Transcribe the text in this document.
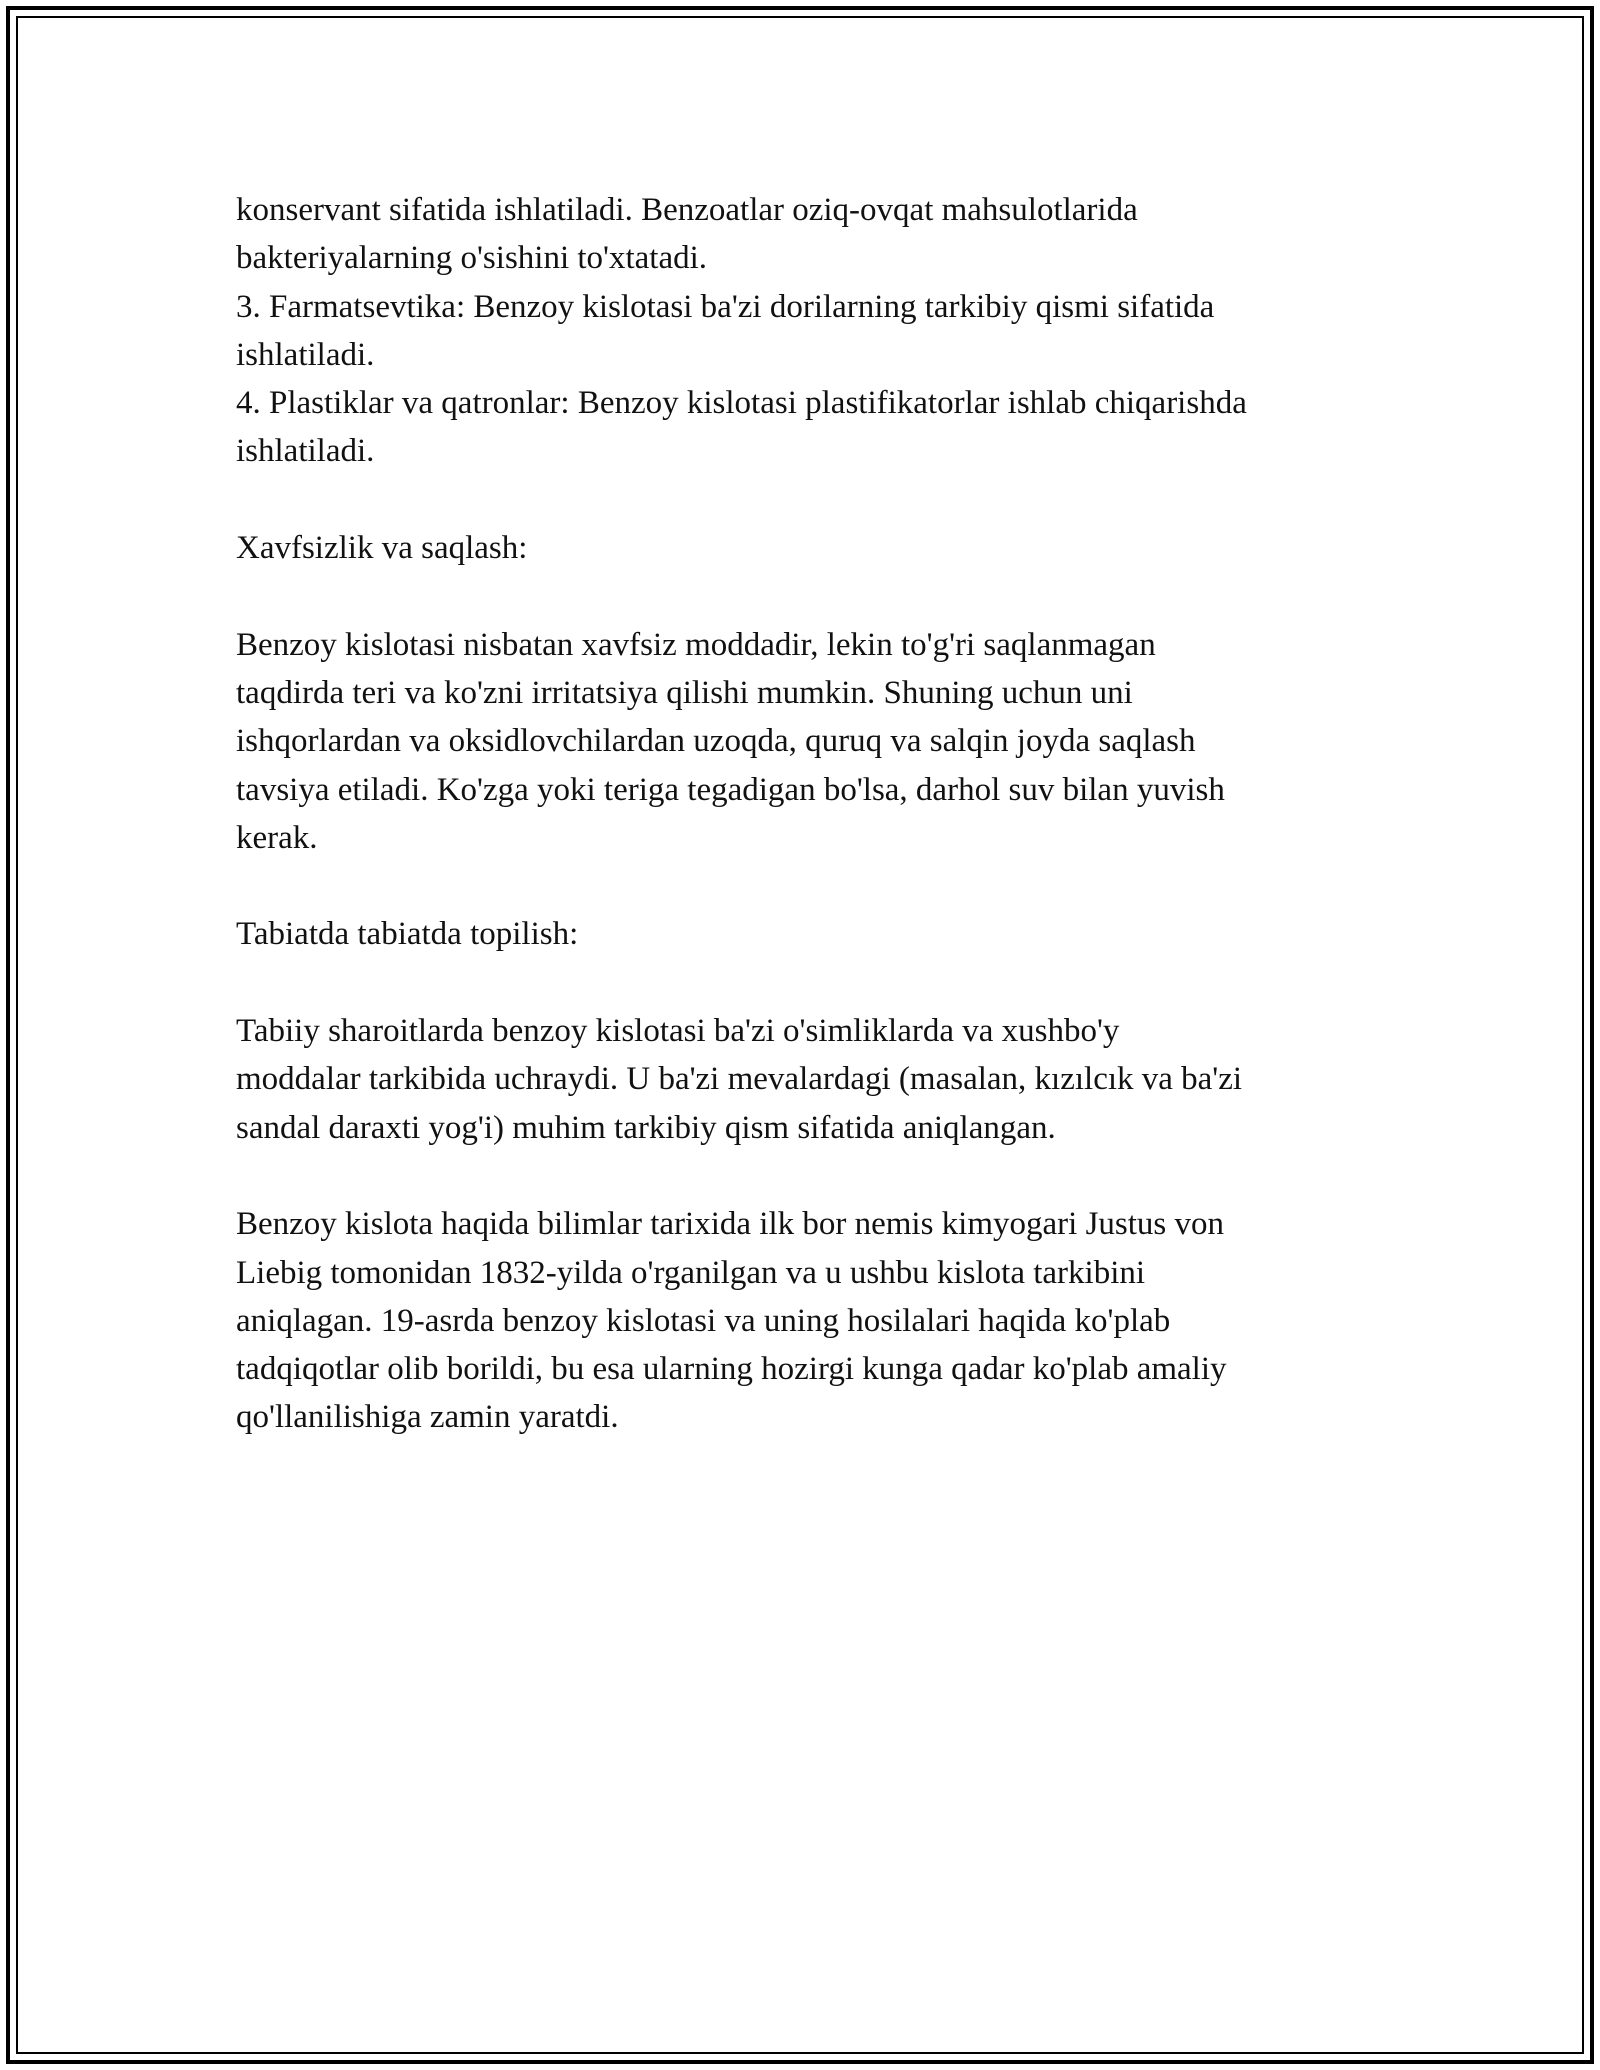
konservant sifatida ishlatiladi. Benzoatlar oziq-ovqat mahsulotlarida
bakteriyalarning o'sishini to'xtatadi.
3. Farmatsevtika: Benzoy kislotasi ba'zi dorilarning tarkibiy qismi sifatida
ishlatiladi.
4. Plastiklar va qatronlar: Benzoy kislotasi plastifikatorlar ishlab chiqarishda
ishlatiladi.
Xavfsizlik va saqlash:
Benzoy kislotasi nisbatan xavfsiz moddadir, lekin to'g'ri saqlanmagan
taqdirda teri va ko'zni irritatsiya qilishi mumkin. Shuning uchun uni
ishqorlardan va oksidlovchilardan uzoqda, quruq va salqin joyda saqlash
tavsiya etiladi. Ko'zga yoki teriga tegadigan bo'lsa, darhol suv bilan yuvish
kerak.
Tabiatda tabiatda topilish:
Tabiiy sharoitlarda benzoy kislotasi ba'zi o'simliklarda va xushbo'y
moddalar tarkibida uchraydi. U ba'zi mevalardagi (masalan, kızılcık va ba'zi
sandal daraxti yog'i) muhim tarkibiy qism sifatida aniqlangan.
Benzoy kislota haqida bilimlar tarixida ilk bor nemis kimyogari Justus von
Liebig tomonidan 1832-yilda o'rganilgan va u ushbu kislota tarkibini
aniqlagan. 19-asrda benzoy kislotasi va uning hosilalari haqida ko'plab
tadqiqotlar olib borildi, bu esa ularning hozirgi kunga qadar ko'plab amaliy
qo'llanilishiga zamin yaratdi.
